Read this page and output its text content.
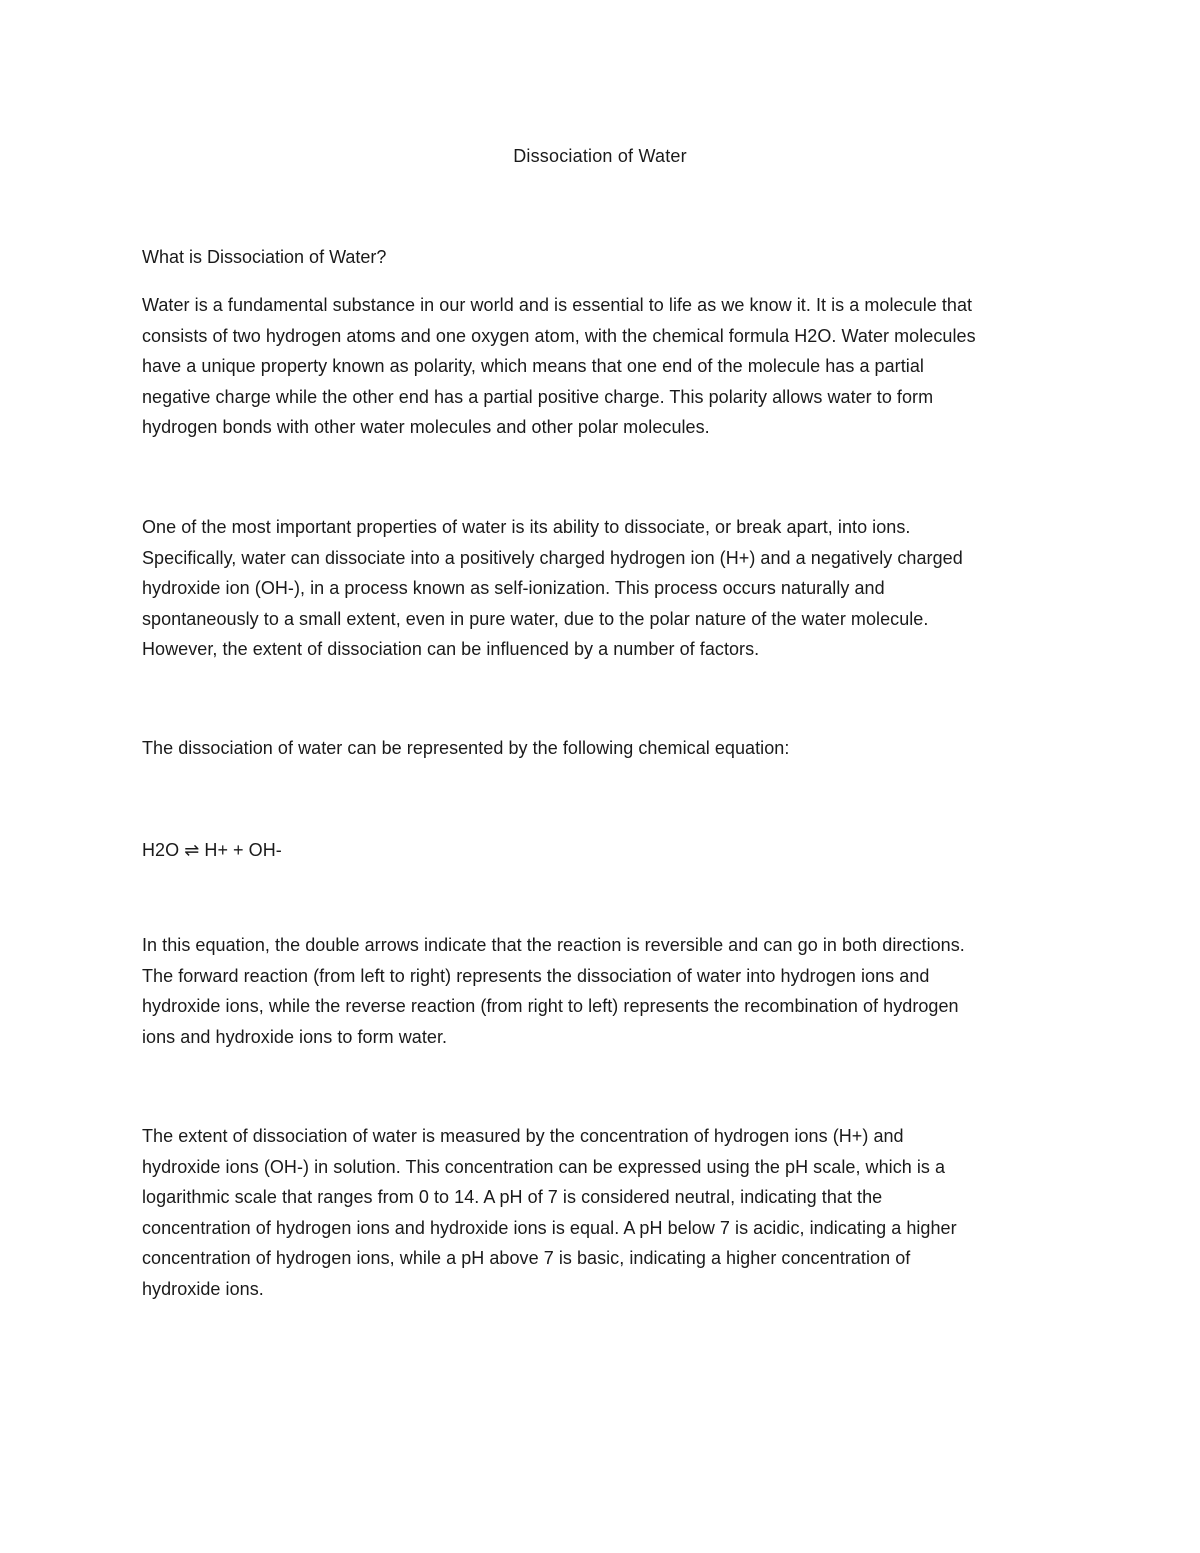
Dissociation of Water
What is Dissociation of Water?

Water is a fundamental substance in our world and is essential to life as we know it. It is a molecule that
consists of two hydrogen atoms and one oxygen atom, with the chemical formula H2O. Water molecules
have a unique property known as polarity, which means that one end of the molecule has a partial
negative charge while the other end has a partial positive charge. This polarity allows water to form
hydrogen bonds with other water molecules and other polar molecules.

One of the most important properties of water is its ability to dissociate, or break apart, into ions.
Specifically, water can dissociate into a positively charged hydrogen ion (H+) and a negatively charged
hydroxide ion (OH-), in a process known as self-ionization. This process occurs naturally and
spontaneously to a small extent, even in pure water, due to the polar nature of the water molecule.
However, the extent of dissociation can be influenced by a number of factors.

The dissociation of water can be represented by the following chemical equation:

H2O ⇌ H+ + OH-

In this equation, the double arrows indicate that the reaction is reversible and can go in both directions.
The forward reaction (from left to right) represents the dissociation of water into hydrogen ions and
hydroxide ions, while the reverse reaction (from right to left) represents the recombination of hydrogen
ions and hydroxide ions to form water.

The extent of dissociation of water is measured by the concentration of hydrogen ions (H+) and
hydroxide ions (OH-) in solution. This concentration can be expressed using the pH scale, which is a
logarithmic scale that ranges from 0 to 14. A pH of 7 is considered neutral, indicating that the
concentration of hydrogen ions and hydroxide ions is equal. A pH below 7 is acidic, indicating a higher
concentration of hydrogen ions, while a pH above 7 is basic, indicating a higher concentration of
hydroxide ions.
